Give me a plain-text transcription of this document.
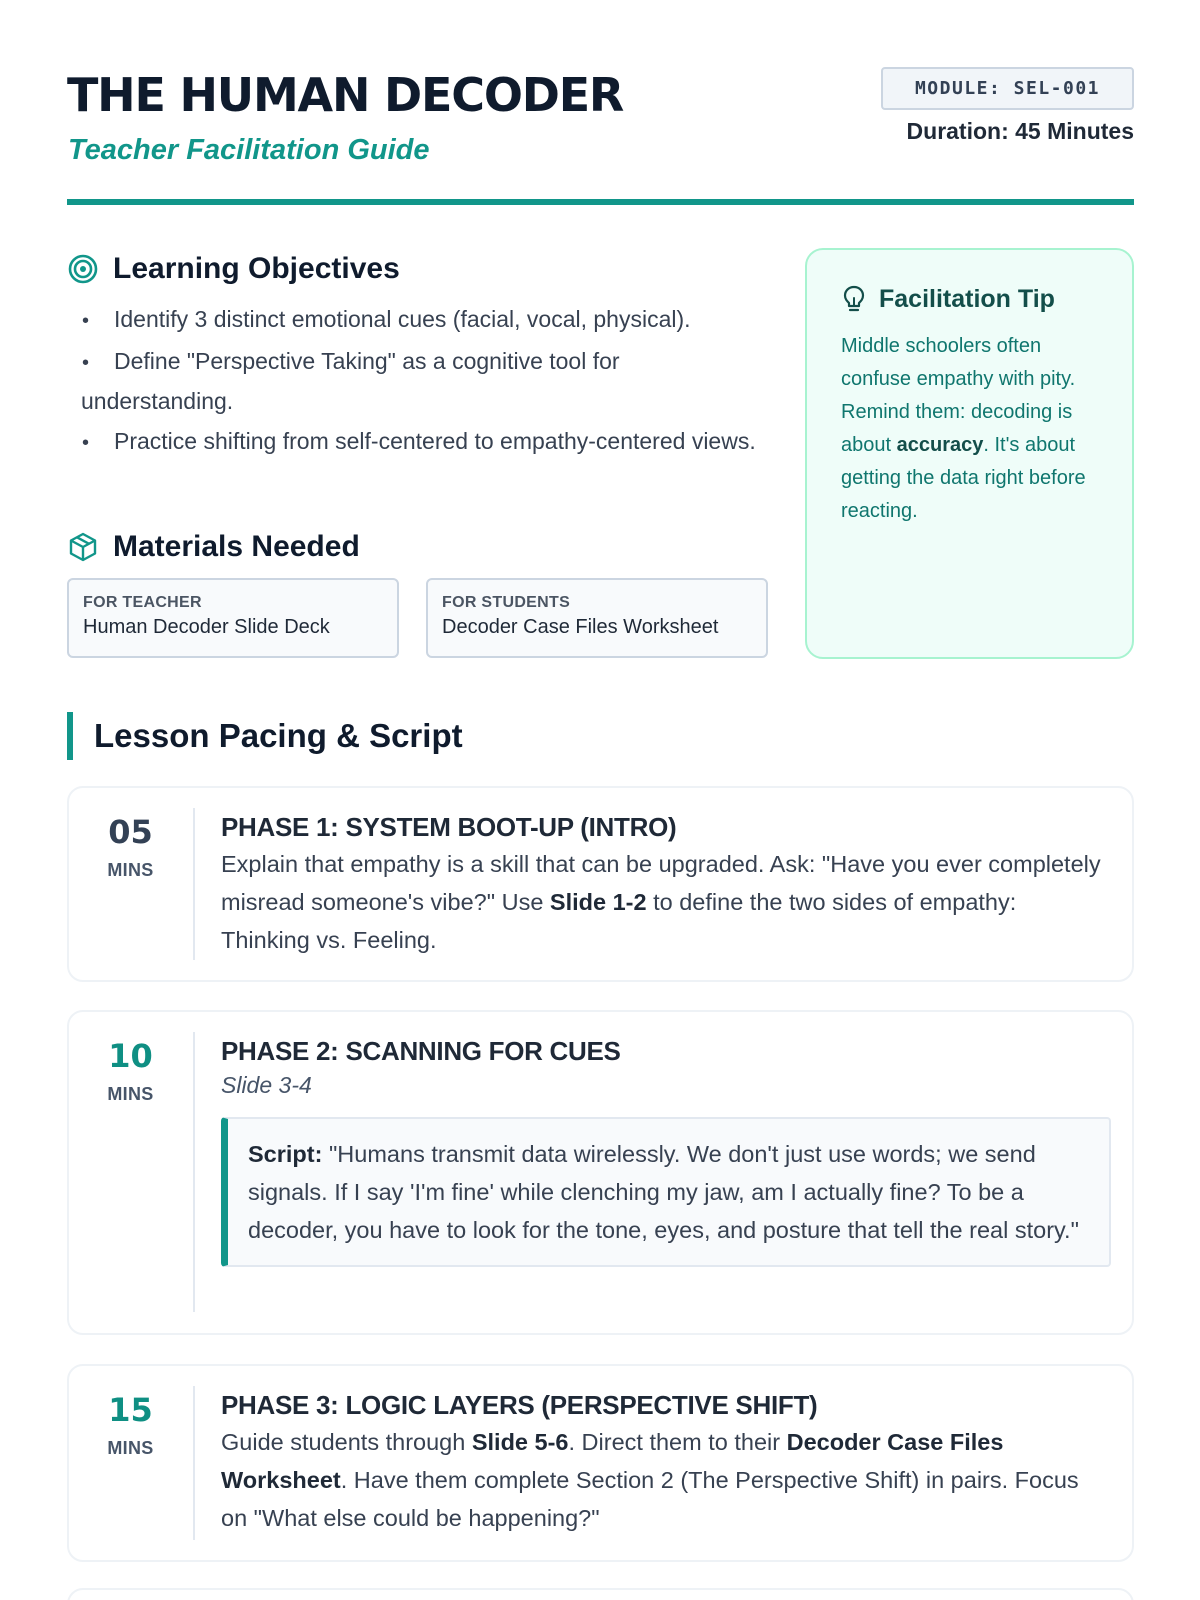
THE HUMAN DECODER
Teacher Facilitation Guide
MODULE: SEL-001
Duration: 45 Minutes
Learning Objectives
• Identify 3 distinct emotional cues (facial, vocal, physical).
• Define "Perspective Taking" as a cognitive tool for understanding.
• Practice shifting from self-centered to empathy-centered views.
Materials Needed
FOR TEACHER
Human Decoder Slide Deck
FOR STUDENTS
Decoder Case Files Worksheet
Facilitation Tip

Middle schoolers often confuse empathy with pity. Remind them: decoding is about accuracy. It's about getting the data right before reacting.

Lesson Pacing & Script
05
MINS
PHASE 1: SYSTEM BOOT-UP (INTRO)

Explain that empathy is a skill that can be upgraded. Ask: "Have you ever completely misread someone's vibe?" Use Slide 1-2 to define the two sides of empathy: Thinking vs. Feeling.

10
MINS
PHASE 2: SCANNING FOR CUES
Slide 3-4
Script: "Humans transmit data wirelessly. We don't just use words; we send signals. If I say 'I'm fine' while clenching my jaw, am I actually fine? To be a decoder, you have to look for the tone, eyes, and posture that tell the real story."
15
MINS
PHASE 3: LOGIC LAYERS (PERSPECTIVE SHIFT)

Guide students through Slide 5-6. Direct them to their Decoder Case Files Worksheet. Have them complete Section 2 (The Perspective Shift) in pairs. Focus on "What else could be happening?"
